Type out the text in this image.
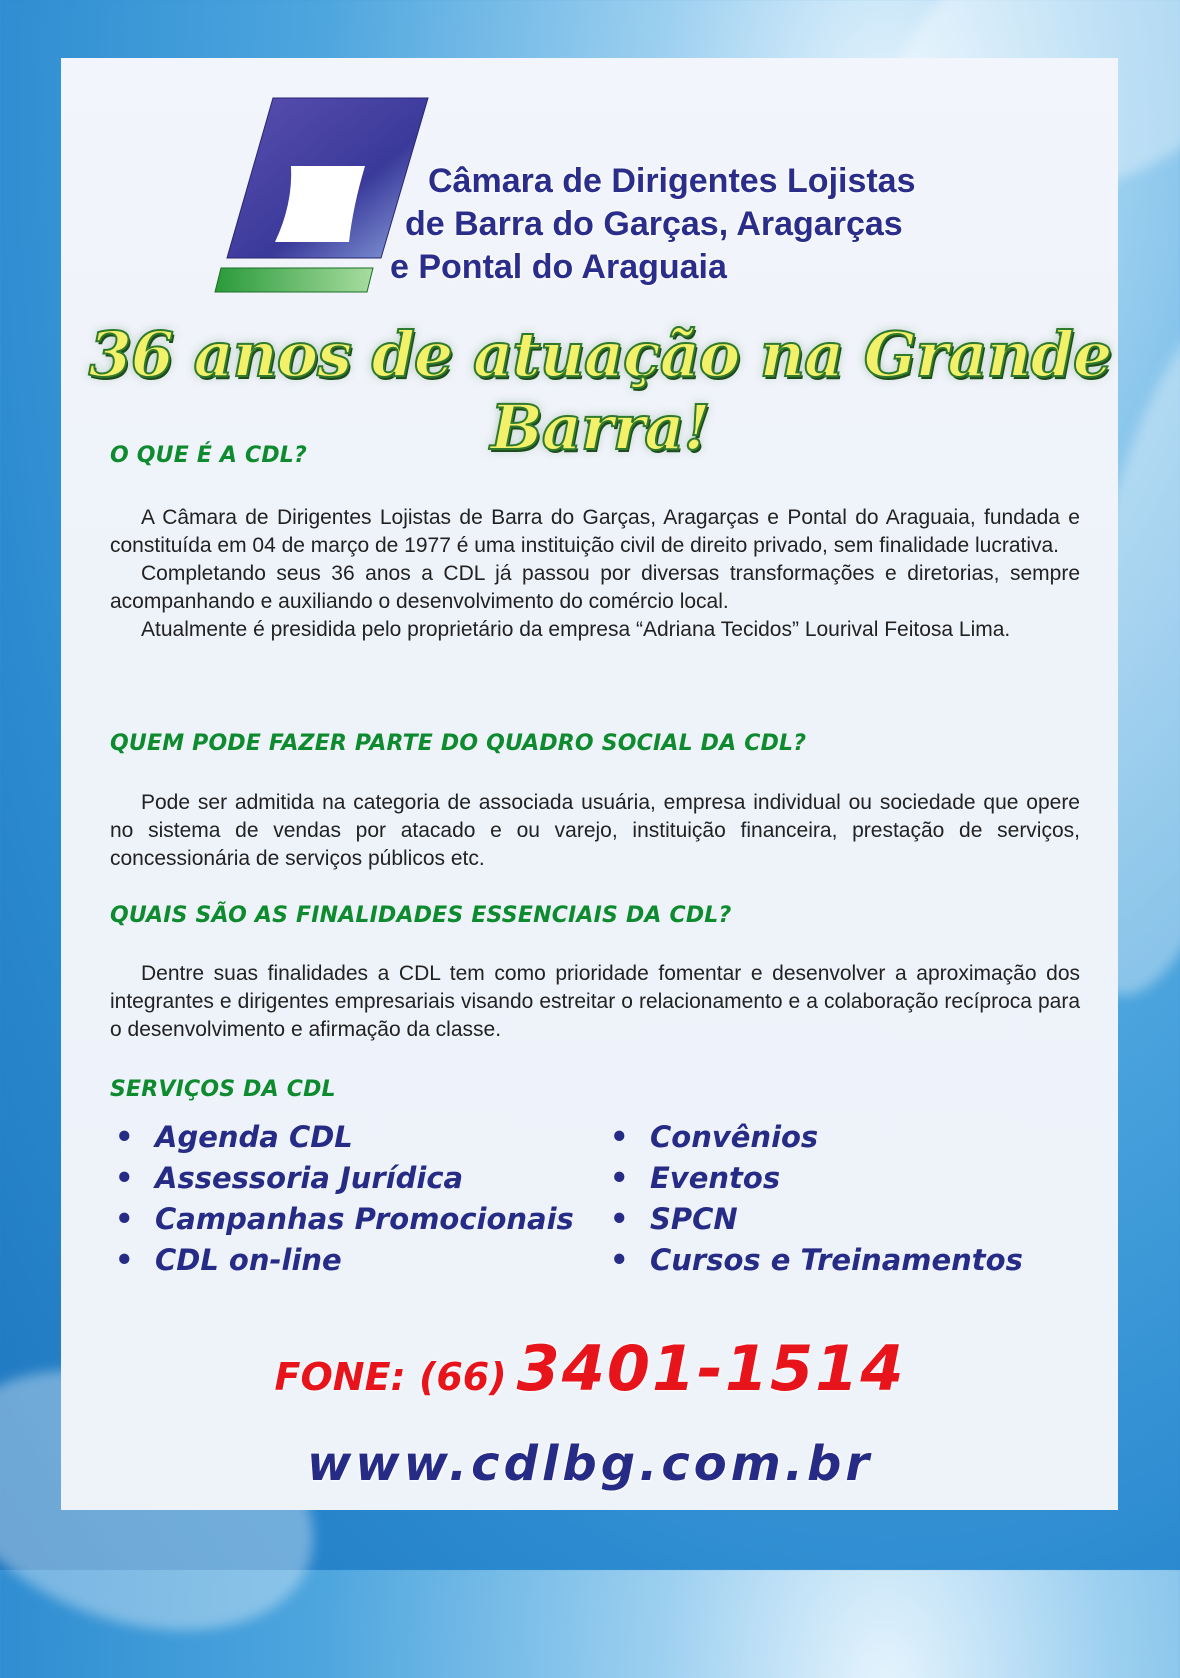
Câmara de Dirigentes Lojistas
de Barra do Garças, Aragarças
e Pontal do Araguaia
36 anos de atuação na Grande Barra!
O QUE É A CDL?

A Câmara de Dirigentes Lojistas de Barra do Garças, Aragarças e Pontal do Araguaia, fundada e constituída em 04 de março de 1977 é uma instituição civil de direito privado, sem finalidade lucrativa.

Completando seus 36 anos a CDL já passou por diversas transformações e diretorias, sempre acompanhando e auxiliando o desenvolvimento do comércio local.

Atualmente é presidida pelo proprietário da empresa “Adriana Tecidos” Lourival Feitosa Lima.

QUEM PODE FAZER PARTE DO QUADRO SOCIAL DA CDL?

Pode ser admitida na categoria de associada usuária, empresa individual ou sociedade que opere no sistema de vendas por atacado e ou varejo, instituição financeira, prestação de serviços, concessionária de serviços públicos etc.

QUAIS SÃO AS FINALIDADES ESSENCIAIS DA CDL?

Dentre suas finalidades a CDL tem como prioridade fomentar e desenvolver a aproximação dos integrantes e dirigentes empresariais visando estreitar o relacionamento e a colaboração recíproca para o desenvolvimento e afirmação da classe.

SERVIÇOS DA CDL
• Agenda CDL
• Assessoria Jurídica
• Campanhas Promocionais
• CDL on-line
• Convênios
• Eventos
• SPCN
• Cursos e Treinamentos
FONE: (66) 3401-1514
www.cdlbg.com.br
